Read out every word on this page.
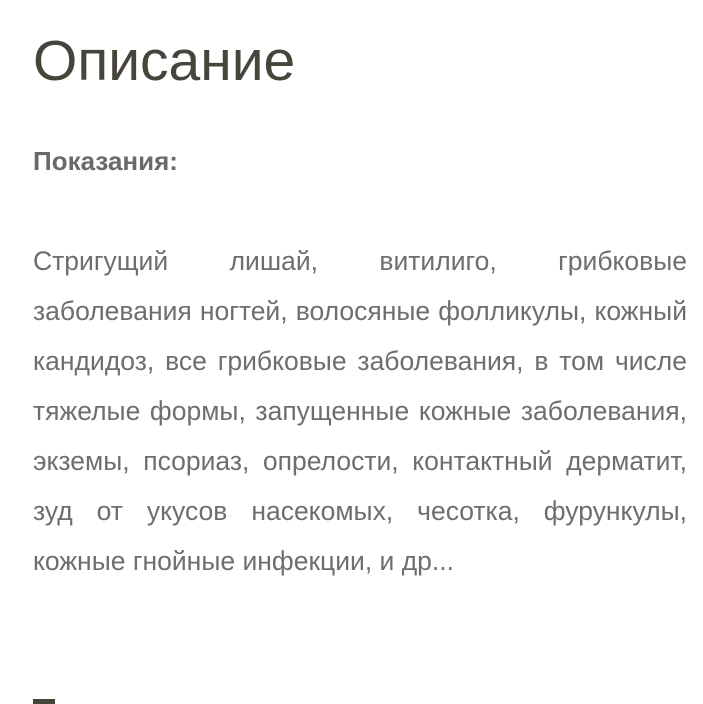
Описание
Показания:

Стригущий лишай, витилиго, грибковые заболевания ногтей, волосяные фолликулы, кожный кандидоз, все грибковые заболевания, в том числе тяжелые формы, запущенные кожные заболевания, экземы, псориаз, опрелости, контактный дерматит, зуд от укусов насекомых, чесотка, фурункулы, кожные гнойные инфекции, и др...
